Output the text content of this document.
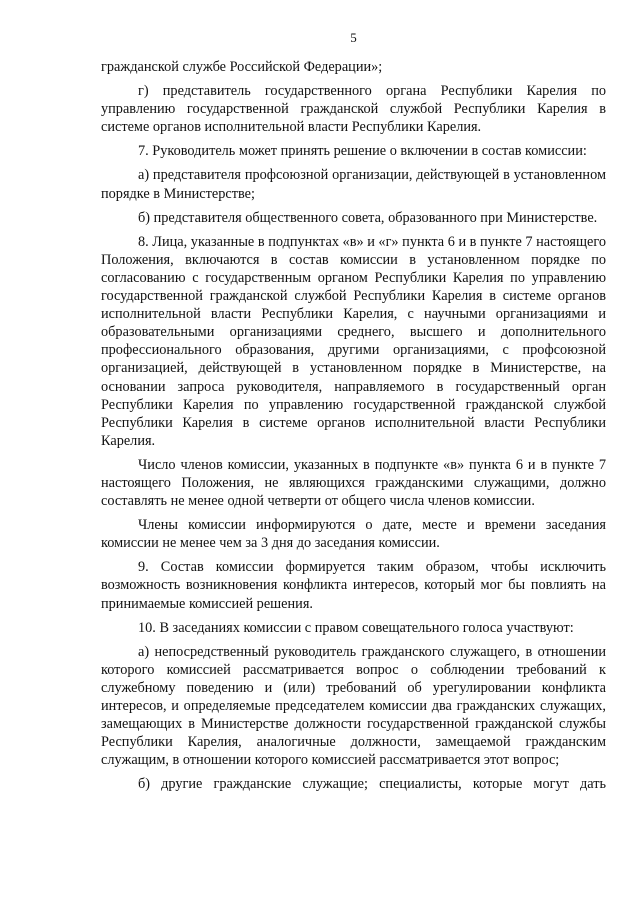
5

гражданской службе Российской Федерации»;

г) представитель государственного органа Республики Карелия по управлению государственной гражданской службой Республики Карелия в системе органов исполнительной власти Республики Карелия.

7. Руководитель может принять решение о включении в состав комиссии:

а) представителя профсоюзной организации, действующей в установленном порядке в Министерстве;

б) представителя общественного совета, образованного при Министерстве.

8. Лица, указанные в подпунктах «в» и «г» пункта 6 и в пункте 7 настоящего Положения, включаются в состав комиссии в установленном порядке по согласованию с государственным органом Республики Карелия по управлению государственной гражданской службой Республики Карелия в системе органов исполнительной власти Республики Карелия, с научными организациями и образовательными организациями среднего, высшего и дополнительного профессионального образования, другими организациями, с профсоюзной организацией, действующей в установленном порядке в Министерстве, на основании запроса руководителя, направляемого в государственный орган Республики Карелия по управлению государственной гражданской службой Республики Карелия в системе органов исполнительной власти Республики Карелия.

Число членов комиссии, указанных в подпункте «в» пункта 6 и в пункте 7 настоящего Положения, не являющихся гражданскими служащими, должно составлять не менее одной четверти от общего числа членов комиссии.

Члены комиссии информируются о дате, месте и времени заседания комиссии не менее чем за 3 дня до заседания комиссии.

9. Состав комиссии формируется таким образом, чтобы исключить возможность возникновения конфликта интересов, который мог бы повлиять на принимаемые комиссией решения.

10. В заседаниях комиссии с правом совещательного голоса участвуют:

а) непосредственный руководитель гражданского служащего, в отношении которого комиссией рассматривается вопрос о соблюдении требований к служебному поведению и (или) требований об урегулировании конфликта интересов, и определяемые председателем комиссии два гражданских служащих, замещающих в Министерстве должности государственной гражданской службы Республики Карелия, аналогичные должности, замещаемой гражданским служащим, в отношении которого комиссией рассматривается этот вопрос;

б) другие гражданские служащие; специалисты, которые могут дать
